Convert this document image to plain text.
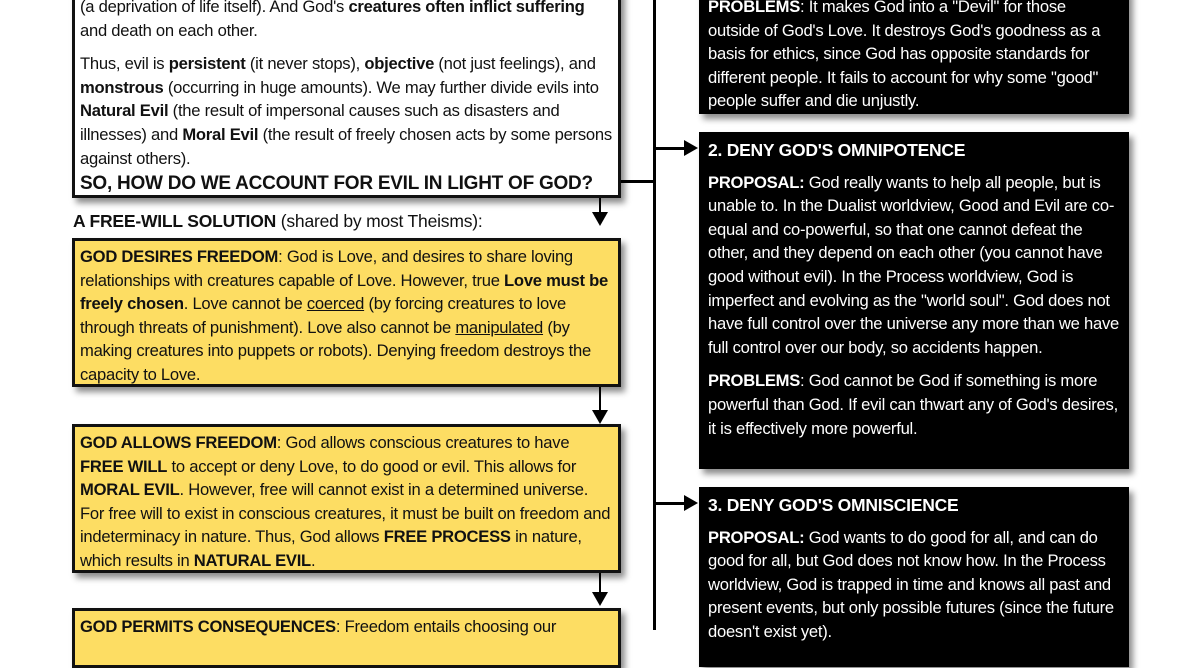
(a deprivation of life itself). And God's creatures often inflict suffering and death on each other.

Thus, evil is persistent (it never stops), objective (not just feelings), and monstrous (occurring in huge amounts). We may further divide evils into Natural Evil (the result of impersonal causes such as disasters and illnesses) and Moral Evil (the result of freely chosen acts by some persons against others).

SO, HOW DO WE ACCOUNT FOR EVIL IN LIGHT OF GOD?

A FREE-WILL SOLUTION (shared by most Theisms):

GOD DESIRES FREEDOM: God is Love, and desires to share loving relationships with creatures capable of Love. However, true Love must be freely chosen. Love cannot be coerced (by forcing creatures to love through threats of punishment). Love also cannot be manipulated (by making creatures into puppets or robots). Denying freedom destroys the capacity to Love.

GOD ALLOWS FREEDOM: God allows conscious creatures to have FREE WILL to accept or deny Love, to do good or evil. This allows for MORAL EVIL. However, free will cannot exist in a determined universe. For free will to exist in conscious creatures, it must be built on freedom and indeterminacy in nature. Thus, God allows FREE PROCESS in nature, which results in NATURAL EVIL.

GOD PERMITS CONSEQUENCES: Freedom entails choosing our

PROBLEMS: It makes God into a "Devil" for those outside of God's Love. It destroys God's goodness as a basis for ethics, since God has opposite standards for different people. It fails to account for why some "good" people suffer and die unjustly.

2. DENY GOD'S OMNIPOTENCE

PROPOSAL: God really wants to help all people, but is unable to. In the Dualist worldview, Good and Evil are co-equal and co-powerful, so that one cannot defeat the other, and they depend on each other (you cannot have good without evil). In the Process worldview, God is imperfect and evolving as the "world soul". God does not have full control over the universe any more than we have full control over our body, so accidents happen.

PROBLEMS: God cannot be God if something is more powerful than God. If evil can thwart any of God's desires, it is effectively more powerful.

3. DENY GOD'S OMNISCIENCE

PROPOSAL: God wants to do good for all, and can do good for all, but God does not know how. In the Process worldview, God is trapped in time and knows all past and present events, but only possible futures (since the future doesn't exist yet).
